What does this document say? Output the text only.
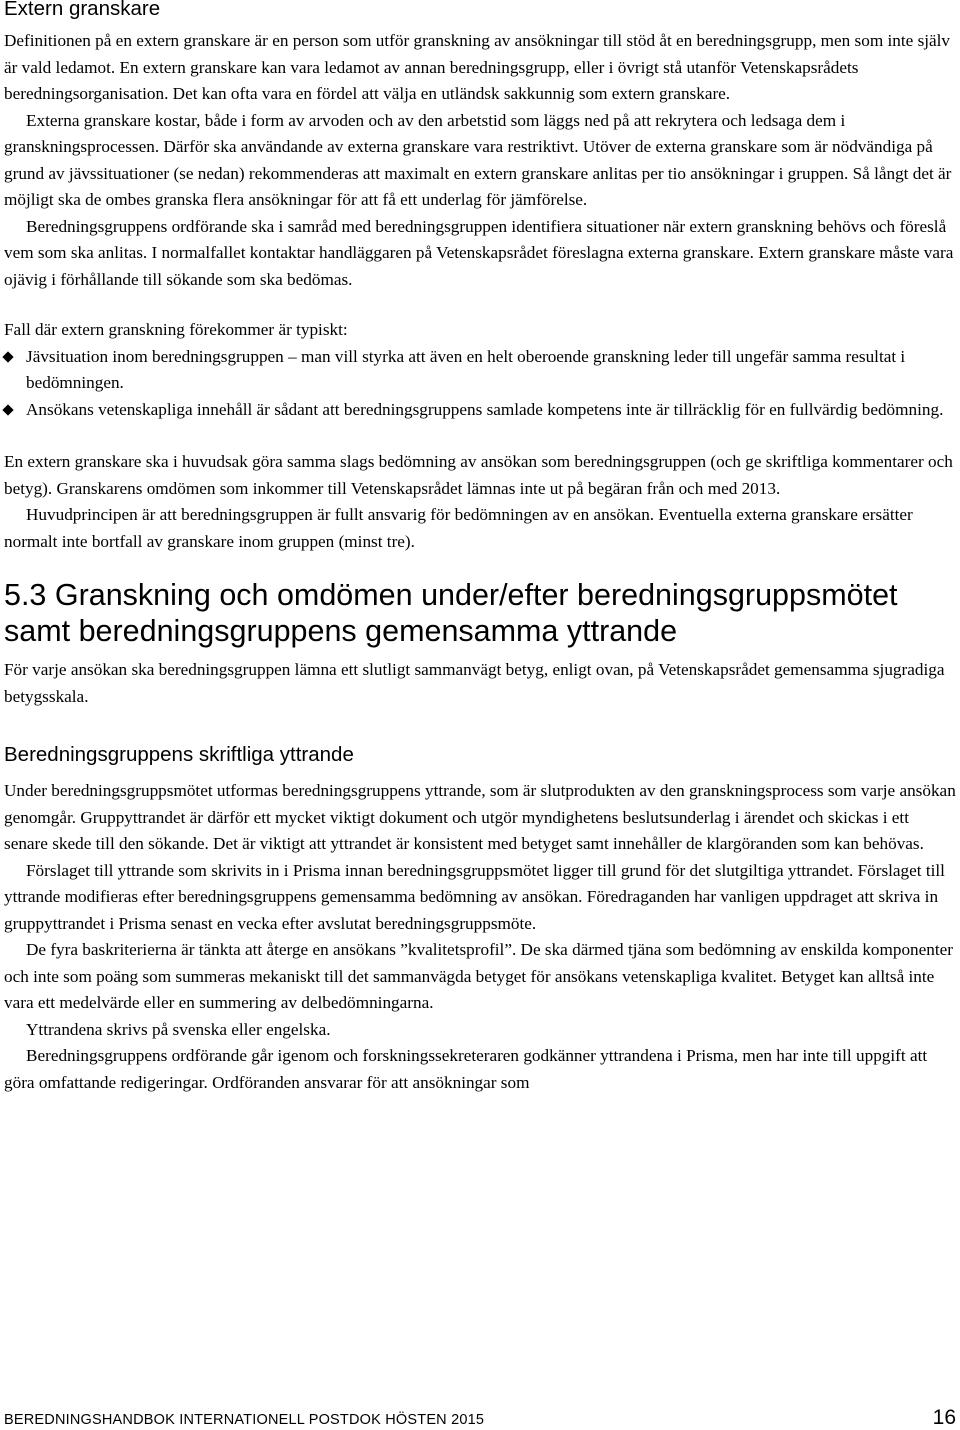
Extern granskare

Definitionen på en extern granskare är en person som utför granskning av ansökningar till stöd åt en beredningsgrupp, men som inte själv är vald ledamot. En extern granskare kan vara ledamot av annan beredningsgrupp, eller i övrigt stå utanför Vetenskapsrådets beredningsorganisation. Det kan ofta vara en fördel att välja en utländsk sakkunnig som extern granskare.

Externa granskare kostar, både i form av arvoden och av den arbetstid som läggs ned på att rekrytera och ledsaga dem i granskningsprocessen. Därför ska användande av externa granskare vara restriktivt. Utöver de externa granskare som är nödvändiga på grund av jävssituationer (se nedan) rekommenderas att maximalt en extern granskare anlitas per tio ansökningar i gruppen. Så långt det är möjligt ska de ombes granska flera ansökningar för att få ett underlag för jämförelse.

Beredningsgruppens ordförande ska i samråd med beredningsgruppen identifiera situationer när extern granskning behövs och föreslå vem som ska anlitas. I normalfallet kontaktar handläggaren på Vetenskapsrådet föreslagna externa granskare. Extern granskare måste vara ojävig i förhållande till sökande som ska bedömas.

Fall där extern granskning förekommer är typiskt:

Jävsituation inom beredningsgruppen – man vill styrka att även en helt oberoende granskning leder till ungefär samma resultat i bedömningen.
Ansökans vetenskapliga innehåll är sådant att beredningsgruppens samlade kompetens inte är tillräcklig för en fullvärdig bedömning.

En extern granskare ska i huvudsak göra samma slags bedömning av ansökan som beredningsgruppen (och ge skriftliga kommentarer och betyg). Granskarens omdömen som inkommer till Vetenskapsrådet lämnas inte ut på begäran från och med 2013.

Huvudprincipen är att beredningsgruppen är fullt ansvarig för bedömningen av en ansökan. Eventuella externa granskare ersätter normalt inte bortfall av granskare inom gruppen (minst tre).

5.3 Granskning och omdömen under/efter beredningsgruppsmötet
samt beredningsgruppens gemensamma yttrande

För varje ansökan ska beredningsgruppen lämna ett slutligt sammanvägt betyg, enligt ovan, på Vetenskapsrådet gemensamma sjugradiga betygsskala.

Beredningsgruppens skriftliga yttrande

Under beredningsgruppsmötet utformas beredningsgruppens yttrande, som är slutprodukten av den granskningsprocess som varje ansökan genomgår. Gruppyttrandet är därför ett mycket viktigt dokument och utgör myndighetens beslutsunderlag i ärendet och skickas i ett senare skede till den sökande. Det är viktigt att yttrandet är konsistent med betyget samt innehåller de klargöranden som kan behövas.

Förslaget till yttrande som skrivits in i Prisma innan beredningsgruppsmötet ligger till grund för det slutgiltiga yttrandet. Förslaget till yttrande modifieras efter beredningsgruppens gemensamma bedömning av ansökan. Föredraganden har vanligen uppdraget att skriva in gruppyttrandet i Prisma senast en vecka efter avslutat beredningsgruppsmöte.

De fyra baskriterierna är tänkta att återge en ansökans ”kvalitetsprofil”. De ska därmed tjäna som bedömning av enskilda komponenter och inte som poäng som summeras mekaniskt till det sammanvägda betyget för ansökans vetenskapliga kvalitet. Betyget kan alltså inte vara ett medelvärde eller en summering av delbedömningarna.

Yttrandena skrivs på svenska eller engelska.

Beredningsgruppens ordförande går igenom och forskningssekreteraren godkänner yttrandena i Prisma, men har inte till uppgift att göra omfattande redigeringar. Ordföranden ansvarar för att ansökningar som

BEREDNINGSHANDBOK INTERNATIONELL POSTDOK HÖSTEN 2015	16
